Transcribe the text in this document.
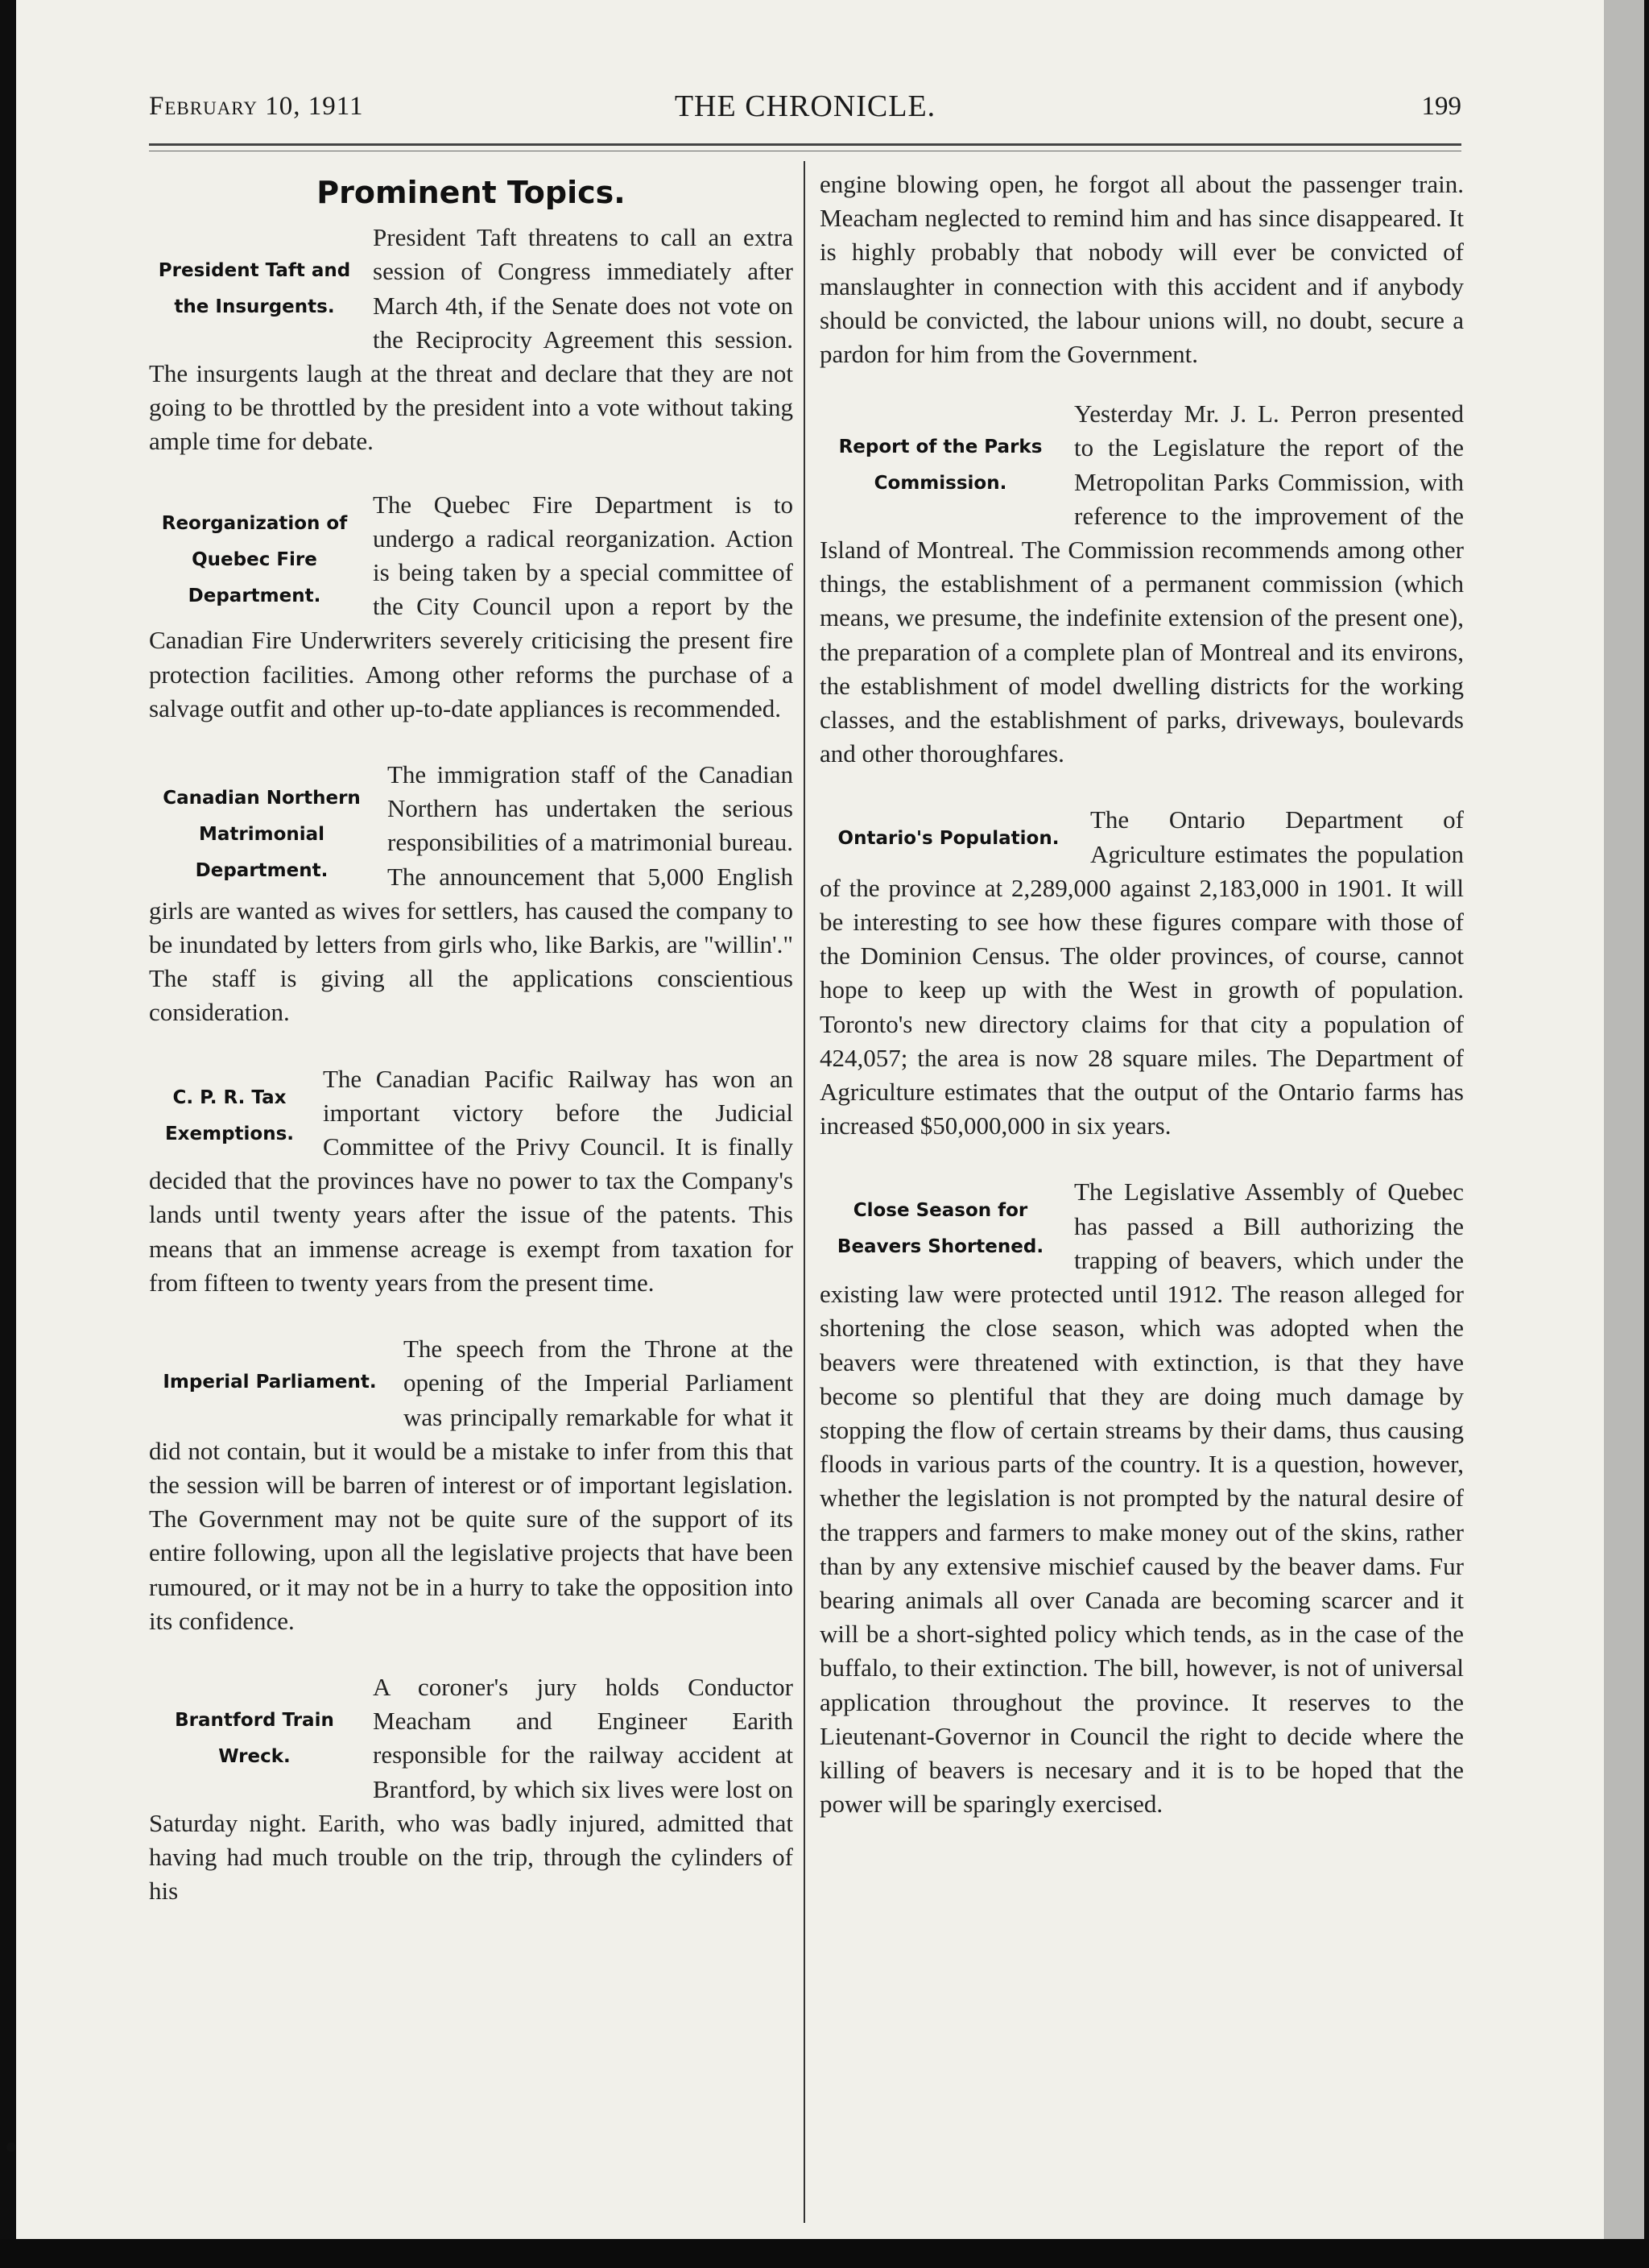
February 10, 1911	THE CHRONICLE.	199
Prominent Topics.
President Taft and the Insurgents.

President Taft threatens to call an extra session of Congress immediately after March 4th, if the Senate does not vote on the Reciprocity Agreement this session. The insurgents laugh at the threat and declare that they are not going to be throttled by the president into a vote without taking ample time for debate.

Reorganization of Quebec Fire Department.

The Quebec Fire Department is to undergo a radical reorganization. Action is being taken by a special committee of the City Council upon a report by the Canadian Fire Underwriters severely criticising the present fire protection facilities. Among other reforms the purchase of a salvage outfit and other up-to-date appliances is recommended.

Canadian Northern Matrimonial Department.

The immigration staff of the Canadian Northern has undertaken the serious responsibilities of a matrimonial bureau. The announcement that 5,000 English girls are wanted as wives for settlers, has caused the company to be inundated by letters from girls who, like Barkis, are "willin'." The staff is giving all the applications conscientious consideration.

C. P. R. Tax Exemptions.

The Canadian Pacific Railway has won an important victory before the Judicial Committee of the Privy Council. It is finally decided that the provinces have no power to tax the Company's lands until twenty years after the issue of the patents. This means that an immense acreage is exempt from taxation for from fifteen to twenty years from the present time.

Imperial Parliament.

The speech from the Throne at the opening of the Imperial Parliament was principally remarkable for what it did not contain, but it would be a mistake to infer from this that the session will be barren of interest or of important legislation. The Government may not be quite sure of the support of its entire following, upon all the legislative projects that have been rumoured, or it may not be in a hurry to take the opposition into its confidence.

Brantford Train Wreck.

A coroner's jury holds Conductor Meacham and Engineer Earith responsible for the railway accident at Brantford, by which six lives were lost on Saturday night. Earith, who was badly injured, admitted that having had much trouble on the trip, through the cylinders of his

engine blowing open, he forgot all about the passenger train. Meacham neglected to remind him and has since disappeared. It is highly probably that nobody will ever be convicted of manslaughter in connection with this accident and if anybody should be convicted, the labour unions will, no doubt, secure a pardon for him from the Government.

Report of the Parks Commission.

Yesterday Mr. J. L. Perron presented to the Legislature the report of the Metropolitan Parks Commission, with reference to the improvement of the Island of Montreal. The Commission recommends among other things, the establishment of a permanent commission (which means, we presume, the indefinite extension of the present one), the preparation of a complete plan of Montreal and its environs, the establishment of model dwelling districts for the working classes, and the establishment of parks, driveways, boulevards and other thoroughfares.

Ontario's Population.

The Ontario Department of Agriculture estimates the population of the province at 2,289,000 against 2,183,000 in 1901. It will be interesting to see how these figures compare with those of the Dominion Census. The older provinces, of course, cannot hope to keep up with the West in growth of population. Toronto's new directory claims for that city a population of 424,057; the area is now 28 square miles. The Department of Agriculture estimates that the output of the Ontario farms has increased $50,000,000 in six years.

Close Season for Beavers Shortened.

The Legislative Assembly of Quebec has passed a Bill authorizing the trapping of beavers, which under the existing law were protected until 1912. The reason alleged for shortening the close season, which was adopted when the beavers were threatened with extinction, is that they have become so plentiful that they are doing much damage by stopping the flow of certain streams by their dams, thus causing floods in various parts of the country. It is a question, however, whether the legislation is not prompted by the natural desire of the trappers and farmers to make money out of the skins, rather than by any extensive mischief caused by the beaver dams. Fur bearing animals all over Canada are becoming scarcer and it will be a short-sighted policy which tends, as in the case of the buffalo, to their extinction. The bill, however, is not of universal application throughout the province. It reserves to the Lieutenant-Governor in Council the right to decide where the killing of beavers is necesary and it is to be hoped that the power will be sparingly exercised.
